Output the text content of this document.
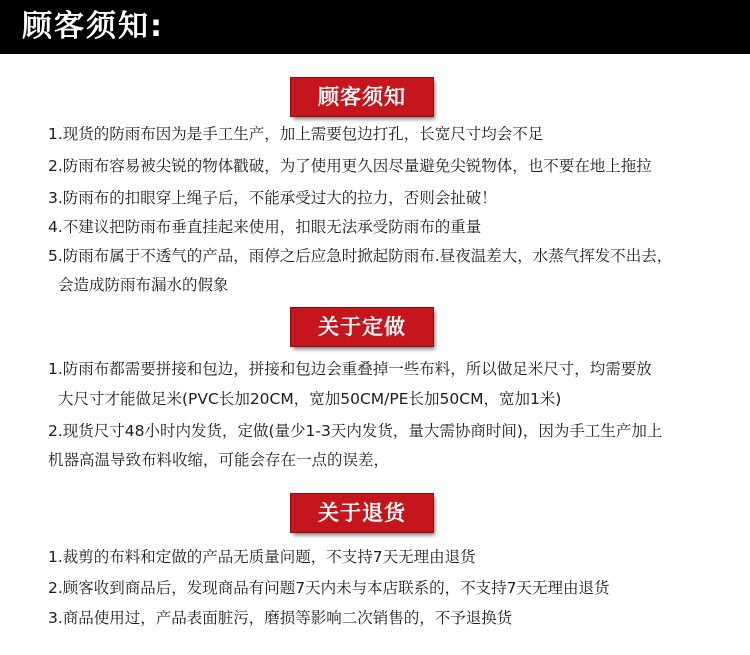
顾客须知:
顾客须知
1.现货的防雨布因为是手工生产，加上需要包边打孔，长宽尺寸均会不足
2.防雨布容易被尖锐的物体戳破，为了使用更久因尽量避免尖锐物体，也不要在地上拖拉
3.防雨布的扣眼穿上绳子后，不能承受过大的拉力，否则会扯破！
4.不建议把防雨布垂直挂起来使用，扣眼无法承受防雨布的重量
5.防雨布属于不透气的产品，雨停之后应急时掀起防雨布.昼夜温差大，水蒸气挥发不出去，
会造成防雨布漏水的假象
关于定做
1.防雨布都需要拼接和包边，拼接和包边会重叠掉一些布料，所以做足米尺寸，均需要放
大尺寸才能做足米(PVC长加20CM，宽加50CM/PE长加50CM，宽加1米)
2.现货尺寸48小时内发货，定做(量少1-3天内发货，量大需协商时间)，因为手工生产加上
机器高温导致布料收缩，可能会存在一点的误差，
关于退货
1.裁剪的布料和定做的产品无质量问题，不支持7天无理由退货
2.顾客收到商品后，发现商品有问题7天内未与本店联系的，不支持7天无理由退货
3.商品使用过，产品表面脏污，磨损等影响二次销售的，不予退换货
